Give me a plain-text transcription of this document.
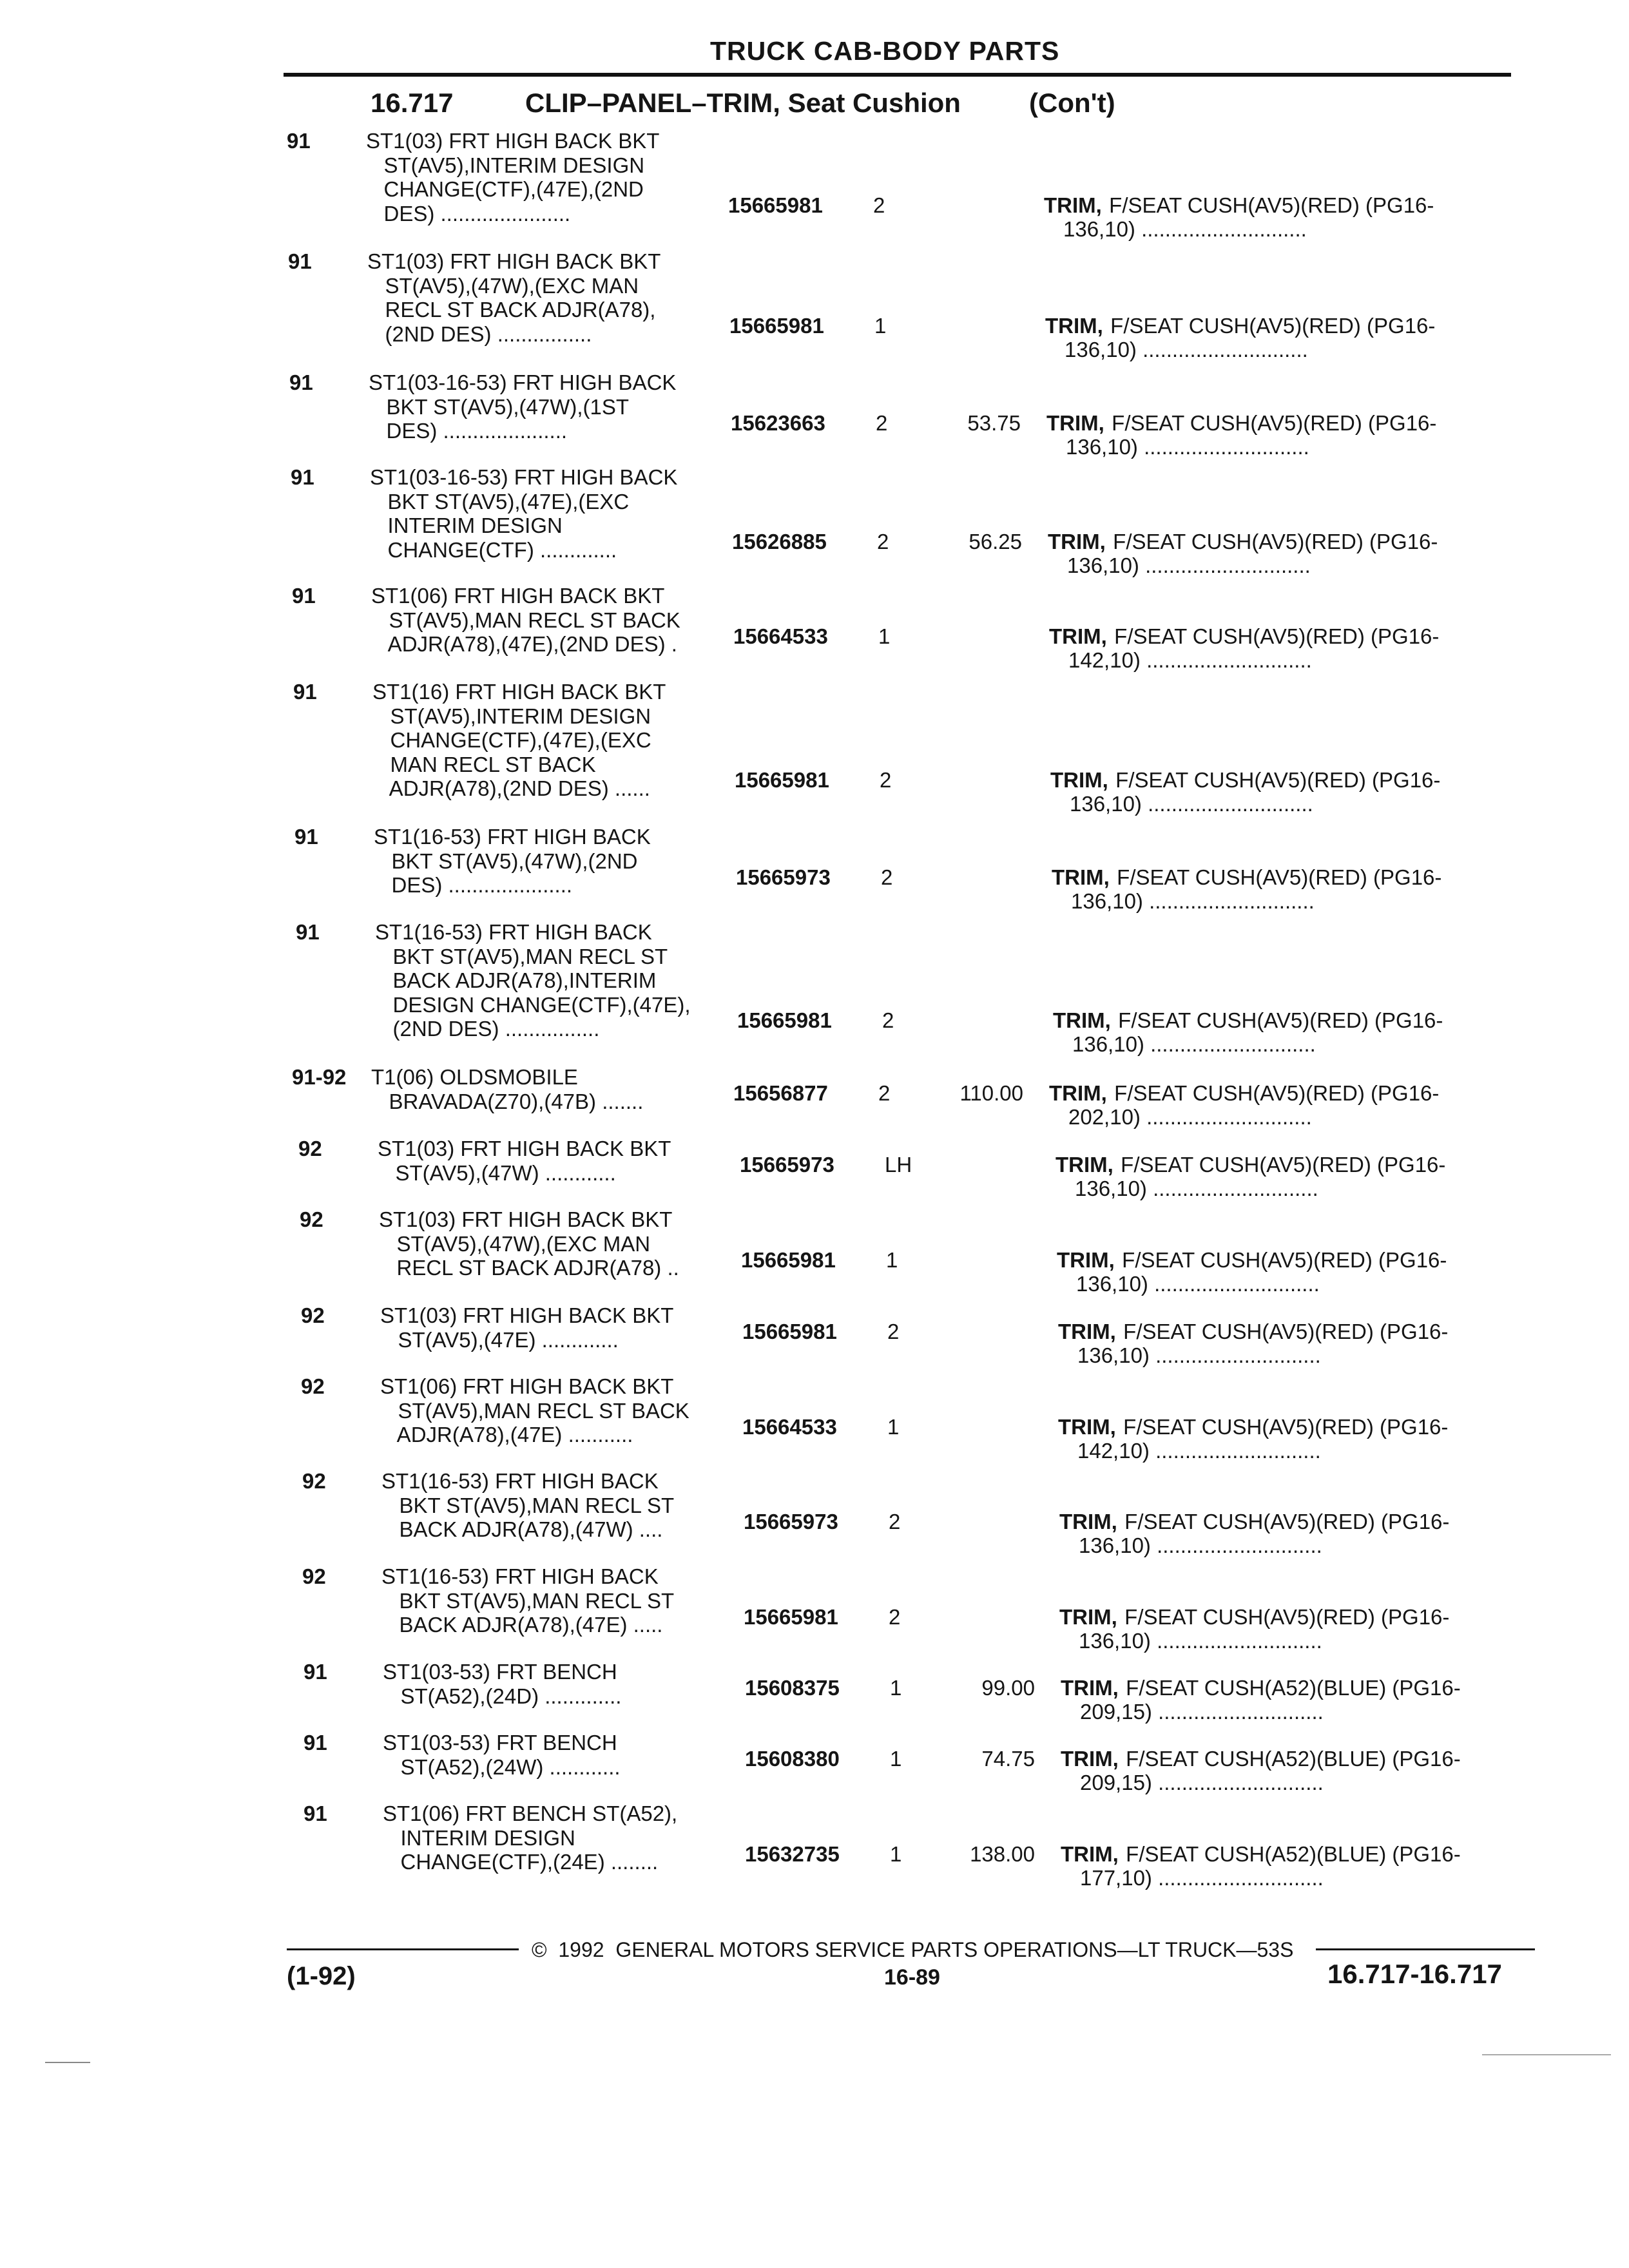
TRUCK CAB-BODY PARTS
16.717	CLIP–PANEL–TRIM, Seat Cushion	(Con't)
91	ST1(03) FRT HIGH BACK BKT
ST(AV5),INTERIM DESIGN
CHANGE(CTF),(47E),(2ND
DES) ......................	15665981 2	TRIM, F/SEAT CUSH(AV5)(RED) (PG16-
136,10) ............................
91	ST1(03) FRT HIGH BACK BKT
ST(AV5),(47W),(EXC MAN
RECL ST BACK ADJR(A78),
(2ND DES) ................	15665981 1	TRIM, F/SEAT CUSH(AV5)(RED) (PG16-
136,10) ............................
91	ST1(03-16-53) FRT HIGH BACK
BKT ST(AV5),(47W),(1ST
DES) .....................	15623663 2	53.75 TRIM, F/SEAT CUSH(AV5)(RED) (PG16-
136,10) ............................
91	ST1(03-16-53) FRT HIGH BACK
BKT ST(AV5),(47E),(EXC
INTERIM DESIGN
CHANGE(CTF) .............	15626885 2	56.25 TRIM, F/SEAT CUSH(AV5)(RED) (PG16-
136,10) ............................
91	ST1(06) FRT HIGH BACK BKT
ST(AV5),MAN RECL ST BACK
ADJR(A78),(47E),(2ND DES) .	15664533 1	TRIM, F/SEAT CUSH(AV5)(RED) (PG16-
142,10) ............................
91	ST1(16) FRT HIGH BACK BKT
ST(AV5),INTERIM DESIGN
CHANGE(CTF),(47E),(EXC
MAN RECL ST BACK
ADJR(A78),(2ND DES) ......	15665981 2	TRIM, F/SEAT CUSH(AV5)(RED) (PG16-
136,10) ............................
91	ST1(16-53) FRT HIGH BACK
BKT ST(AV5),(47W),(2ND
DES) .....................	15665973 2	TRIM, F/SEAT CUSH(AV5)(RED) (PG16-
136,10) ............................
91	ST1(16-53) FRT HIGH BACK
BKT ST(AV5),MAN RECL ST
BACK ADJR(A78),INTERIM
DESIGN CHANGE(CTF),(47E),
(2ND DES) ................	15665981 2	TRIM, F/SEAT CUSH(AV5)(RED) (PG16-
136,10) ............................
91-92 T1(06) OLDSMOBILE
BRAVADA(Z70),(47B) .......	15656877 2	110.00 TRIM, F/SEAT CUSH(AV5)(RED) (PG16-
202,10) ............................
92	ST1(03) FRT HIGH BACK BKT
ST(AV5),(47W) ............	15665973 LH	TRIM, F/SEAT CUSH(AV5)(RED) (PG16-
136,10) ............................
92	ST1(03) FRT HIGH BACK BKT
ST(AV5),(47W),(EXC MAN
RECL ST BACK ADJR(A78) ..	15665981 1	TRIM, F/SEAT CUSH(AV5)(RED) (PG16-
136,10) ............................
92	ST1(03) FRT HIGH BACK BKT
ST(AV5),(47E) .............	15665981 2	TRIM, F/SEAT CUSH(AV5)(RED) (PG16-
136,10) ............................
92	ST1(06) FRT HIGH BACK BKT
ST(AV5),MAN RECL ST BACK
ADJR(A78),(47E) ...........	15664533 1	TRIM, F/SEAT CUSH(AV5)(RED) (PG16-
142,10) ............................
92	ST1(16-53) FRT HIGH BACK
BKT ST(AV5),MAN RECL ST
BACK ADJR(A78),(47W) ....	15665973 2	TRIM, F/SEAT CUSH(AV5)(RED) (PG16-
136,10) ............................
92	ST1(16-53) FRT HIGH BACK
BKT ST(AV5),MAN RECL ST
BACK ADJR(A78),(47E) .....	15665981 2	TRIM, F/SEAT CUSH(AV5)(RED) (PG16-
136,10) ............................
91	ST1(03-53) FRT BENCH
ST(A52),(24D) .............	15608375 1	99.00 TRIM, F/SEAT CUSH(A52)(BLUE) (PG16-
209,15) ............................
91	ST1(03-53) FRT BENCH
ST(A52),(24W) ............	15608380 1	74.75 TRIM, F/SEAT CUSH(A52)(BLUE) (PG16-
209,15) ............................
91	ST1(06) FRT BENCH ST(A52),
INTERIM DESIGN
CHANGE(CTF),(24E) ........	15632735 1	138.00 TRIM, F/SEAT CUSH(A52)(BLUE) (PG16-
177,10) ............................
©  1992  GENERAL MOTORS SERVICE PARTS OPERATIONS—LT TRUCK—53S
(1-92)	16-89	16.717-16.717
